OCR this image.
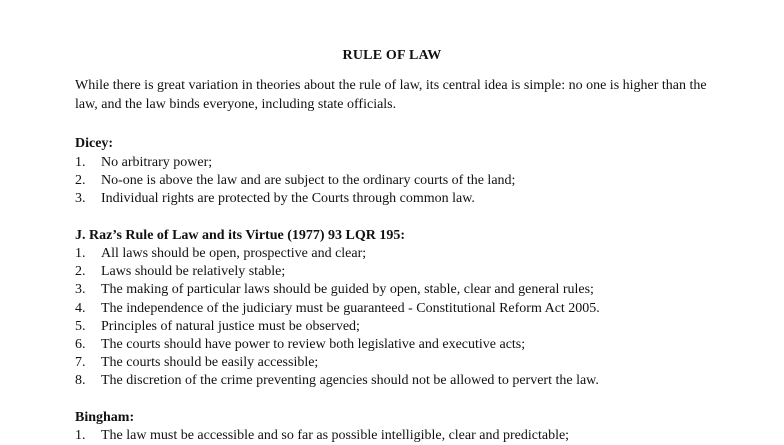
RULE OF LAW
While there is great variation in theories about the rule of law, its central idea is simple: no one is higher than the law, and the law binds everyone, including state officials.
Dicey:
1. No arbitrary power;
2. No-one is above the law and are subject to the ordinary courts of the land;
3. Individual rights are protected by the Courts through common law.
J. Raz’s Rule of Law and its Virtue (1977) 93 LQR 195:
1. All laws should be open, prospective and clear;
2. Laws should be relatively stable;
3. The making of particular laws should be guided by open, stable, clear and general rules;
4. The independence of the judiciary must be guaranteed - Constitutional Reform Act 2005.
5. Principles of natural justice must be observed;
6. The courts should have power to review both legislative and executive acts;
7. The courts should be easily accessible;
8. The discretion of the crime preventing agencies should not be allowed to pervert the law.
Bingham:
1. The law must be accessible and so far as possible intelligible, clear and predictable;
